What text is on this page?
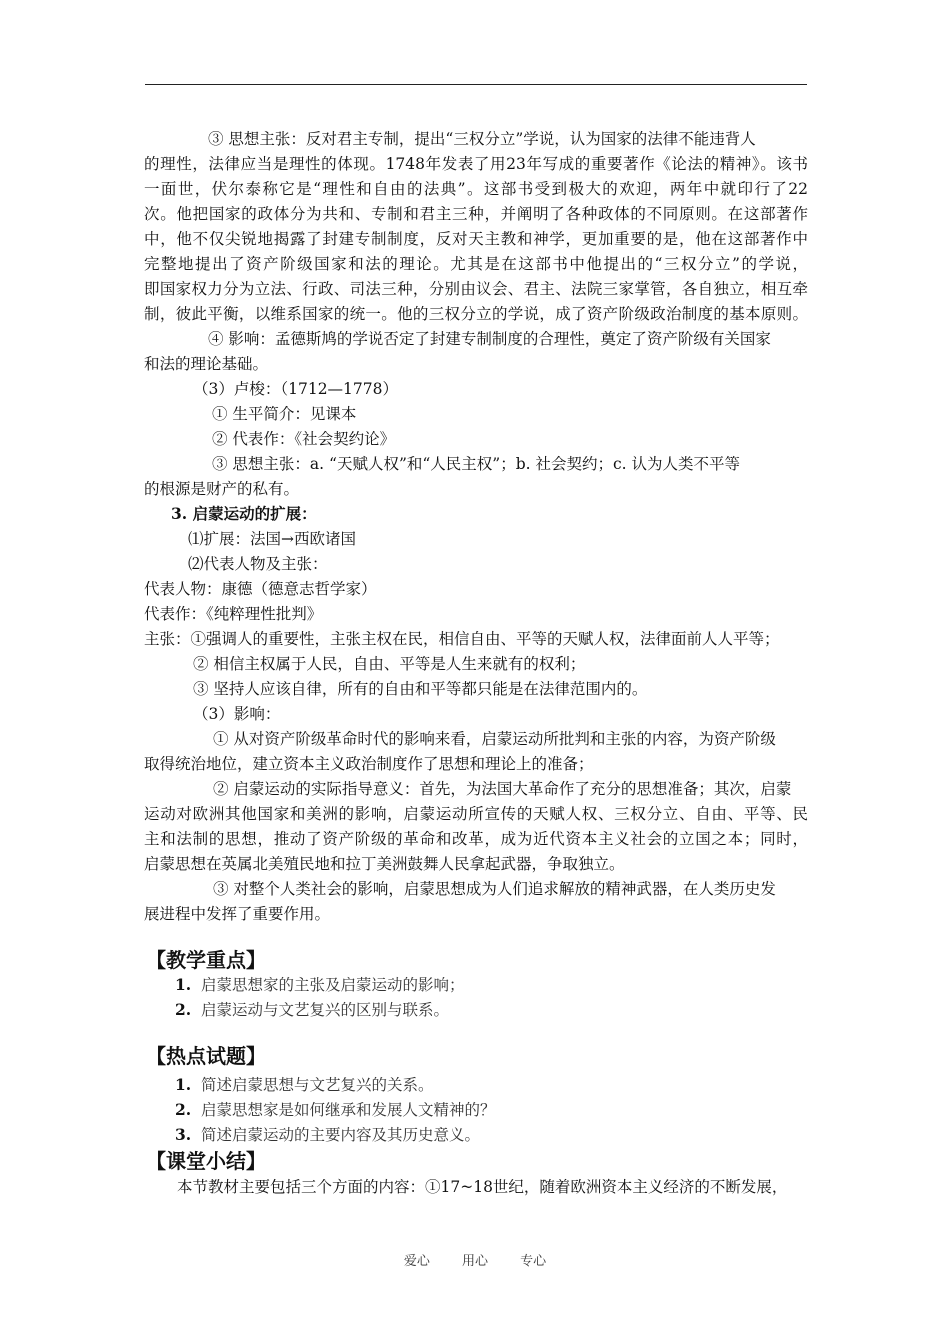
③ 思想主张：反对君主专制，提出“三权分立”学说，认为国家的法律不能违背人
的理性，法律应当是理性的体现。1748年发表了用23年写成的重要著作《论法的精神》。该书
一面世，伏尔泰称它是“理性和自由的法典”。这部书受到极大的欢迎，两年中就印行了22
次。他把国家的政体分为共和、专制和君主三种，并阐明了各种政体的不同原则。在这部著作
中，他不仅尖锐地揭露了封建专制制度，反对天主教和神学，更加重要的是，他在这部著作中
完整地提出了资产阶级国家和法的理论。尤其是在这部书中他提出的“三权分立”的学说，
即国家权力分为立法、行政、司法三种，分别由议会、君主、法院三家掌管，各自独立，相互牵
制，彼此平衡，以维系国家的统一。他的三权分立的学说，成了资产阶级政治制度的基本原则。
④ 影响：孟德斯鸠的学说否定了封建专制制度的合理性，奠定了资产阶级有关国家
和法的理论基础。
（3）卢梭：（1712—1778）
① 生平简介：见课本
② 代表作：《社会契约论》
③ 思想主张：a. “天赋人权”和“人民主权”；b. 社会契约；c. 认为人类不平等
的根源是财产的私有。
3. 启蒙运动的扩展：
⑴扩展：法国→西欧诸国
⑵代表人物及主张：
代表人物：康德（德意志哲学家）
代表作：《纯粹理性批判》
主张：①强调人的重要性，主张主权在民，相信自由、平等的天赋人权，法律面前人人平等；
② 相信主权属于人民，自由、平等是人生来就有的权利；
③ 坚持人应该自律，所有的自由和平等都只能是在法律范围内的。
（3）影响：
① 从对资产阶级革命时代的影响来看，启蒙运动所批判和主张的内容，为资产阶级
取得统治地位，建立资本主义政治制度作了思想和理论上的准备；
② 启蒙运动的实际指导意义：首先，为法国大革命作了充分的思想准备；其次，启蒙
运动对欧洲其他国家和美洲的影响，启蒙运动所宣传的天赋人权、三权分立、自由、平等、民
主和法制的思想，推动了资产阶级的革命和改革，成为近代资本主义社会的立国之本；同时，
启蒙思想在英属北美殖民地和拉丁美洲鼓舞人民拿起武器，争取独立。
③ 对整个人类社会的影响，启蒙思想成为人们追求解放的精神武器，在人类历史发
展进程中发挥了重要作用。
【教学重点】
1. 启蒙思想家的主张及启蒙运动的影响；
2. 启蒙运动与文艺复兴的区别与联系。
【热点试题】
1. 简述启蒙思想与文艺复兴的关系。
2. 启蒙思想家是如何继承和发展人文精神的？
3. 简述启蒙运动的主要内容及其历史意义。
【课堂小结】
本节教材主要包括三个方面的内容：①17~18世纪，随着欧洲资本主义经济的不断发展，
爱心 用心 专心
